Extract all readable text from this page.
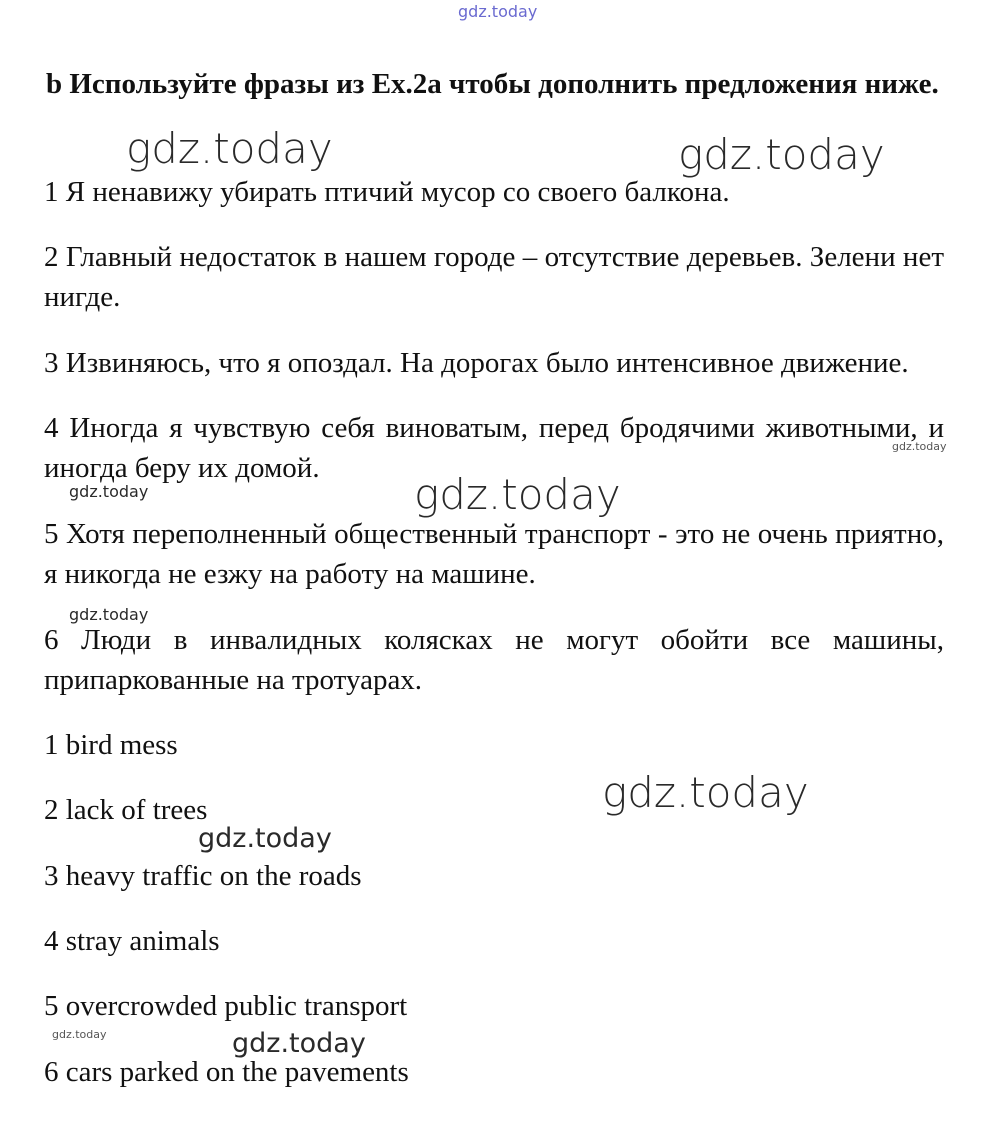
gdz.today

b Используйте фразы из Ex.2a чтобы дополнить предложения ниже.

1 Я ненавижу убирать птичий мусор со своего балкона.

2 Главный недостаток в нашем городе – отсутствие деревьев. Зелени нет нигде.

3 Извиняюсь, что я опоздал. На дорогах было интенсивное движение.

4 Иногда я чувствую себя виноватым, перед бродячими животными, и иногда беру их домой.

5 Хотя переполненный общественный транспорт - это не очень приятно, я никогда не езжу на работу на машине.

6 Люди в инвалидных колясках не могут обойти все машины, припаркованные на тротуарах.

1 bird mess

2 lack of trees

3 heavy traffic on the roads

4 stray animals

5 overcrowded public transport

6 cars parked on the pavements

gdz.today	gdz.today
gdz.today
gdz.today	gdz.today
gdz.today
gdz.today
gdz.today
gdz.today	gdz.today
